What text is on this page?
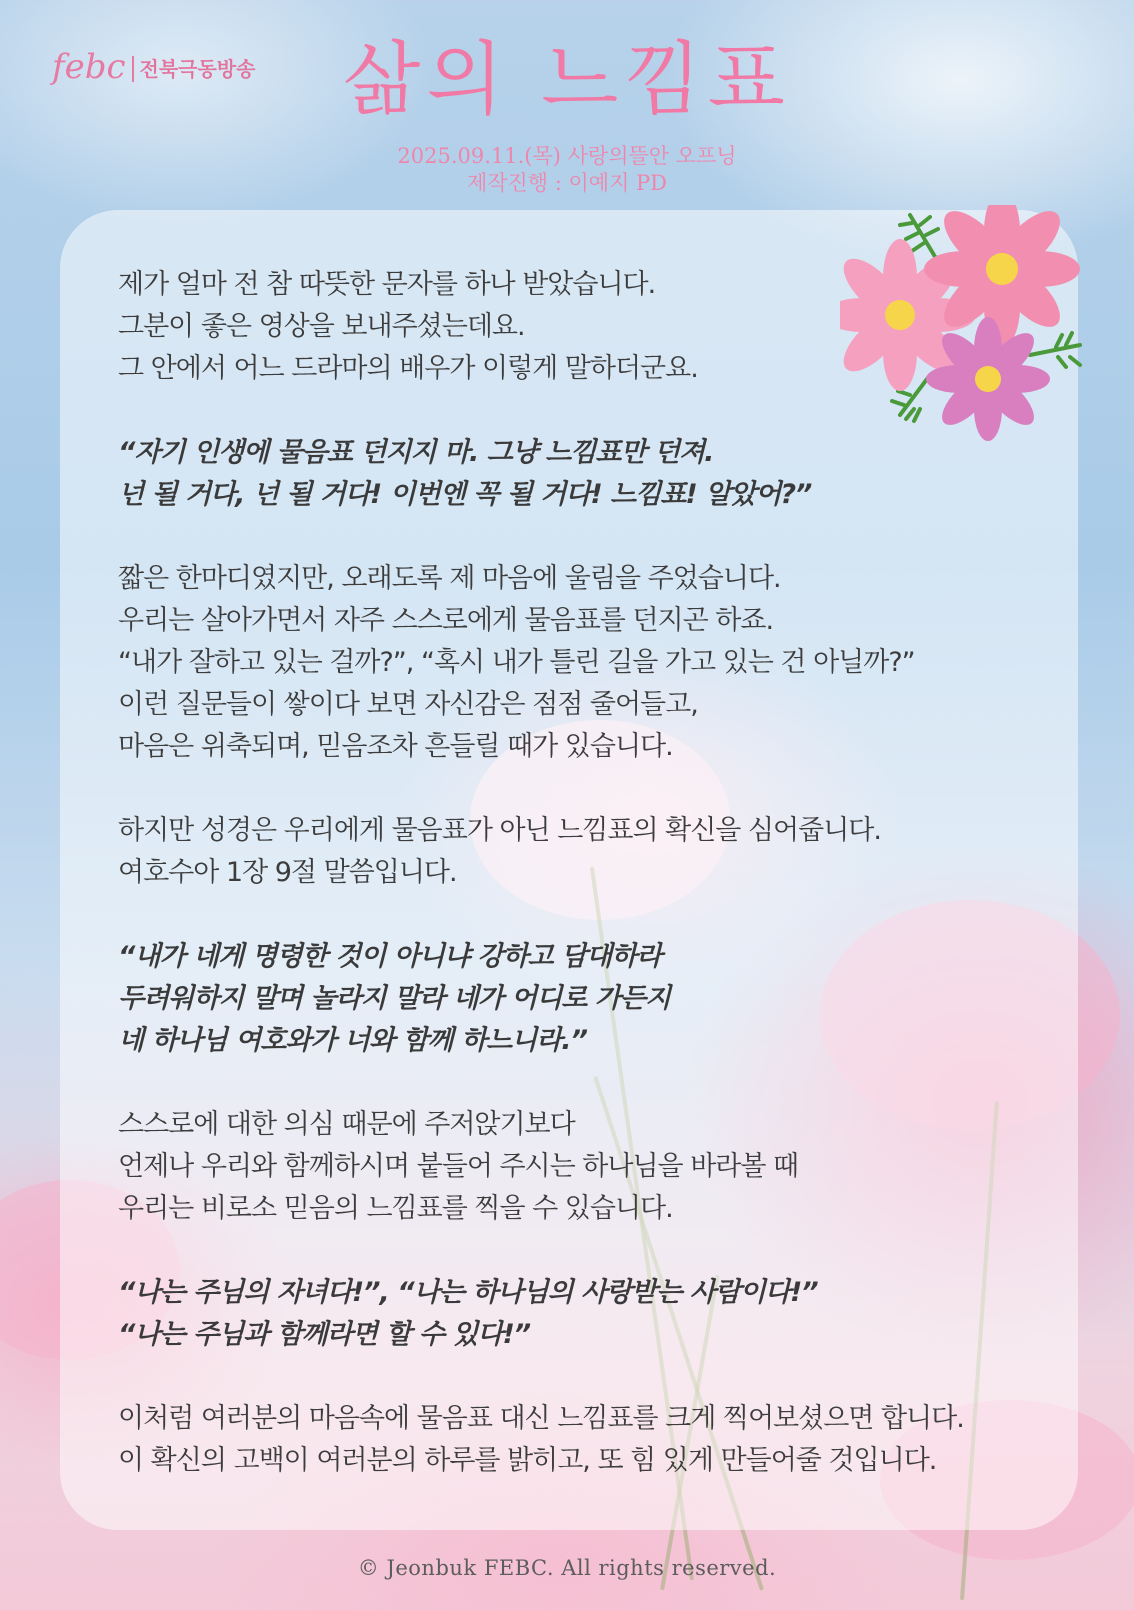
febc 전북극동방송	삶의 느낌표
2025.09.11.(목) 사랑의뜰안 오프닝
제작진행 : 이예지 PD
제가 얼마 전 참 따뜻한 문자를 하나 받았습니다.
그분이 좋은 영상을 보내주셨는데요.
그 안에서 어느 드라마의 배우가 이렇게 말하더군요.
“자기 인생에 물음표 던지지 마. 그냥 느낌표만 던져.
넌 될 거다, 넌 될 거다! 이번엔 꼭 될 거다! 느낌표! 알았어?”
짧은 한마디였지만, 오래도록 제 마음에 울림을 주었습니다.
우리는 살아가면서 자주 스스로에게 물음표를 던지곤 하죠.
“내가 잘하고 있는 걸까?”, “혹시 내가 틀린 길을 가고 있는 건 아닐까?”
이런 질문들이 쌓이다 보면 자신감은 점점 줄어들고,
마음은 위축되며, 믿음조차 흔들릴 때가 있습니다.
하지만 성경은 우리에게 물음표가 아닌 느낌표의 확신을 심어줍니다.
여호수아 1장 9절 말씀입니다.
“내가 네게 명령한 것이 아니냐 강하고 담대하라
두려워하지 말며 놀라지 말라 네가 어디로 가든지
네 하나님 여호와가 너와 함께 하느니라.”
스스로에 대한 의심 때문에 주저앉기보다
언제나 우리와 함께하시며 붙들어 주시는 하나님을 바라볼 때
우리는 비로소 믿음의 느낌표를 찍을 수 있습니다.
“나는 주님의 자녀다!”, “나는 하나님의 사랑받는 사람이다!”
“나는 주님과 함께라면 할 수 있다!”
이처럼 여러분의 마음속에 물음표 대신 느낌표를 크게 찍어보셨으면 합니다.
이 확신의 고백이 여러분의 하루를 밝히고, 또 힘 있게 만들어줄 것입니다.
© Jeonbuk FEBC. All rights reserved.
